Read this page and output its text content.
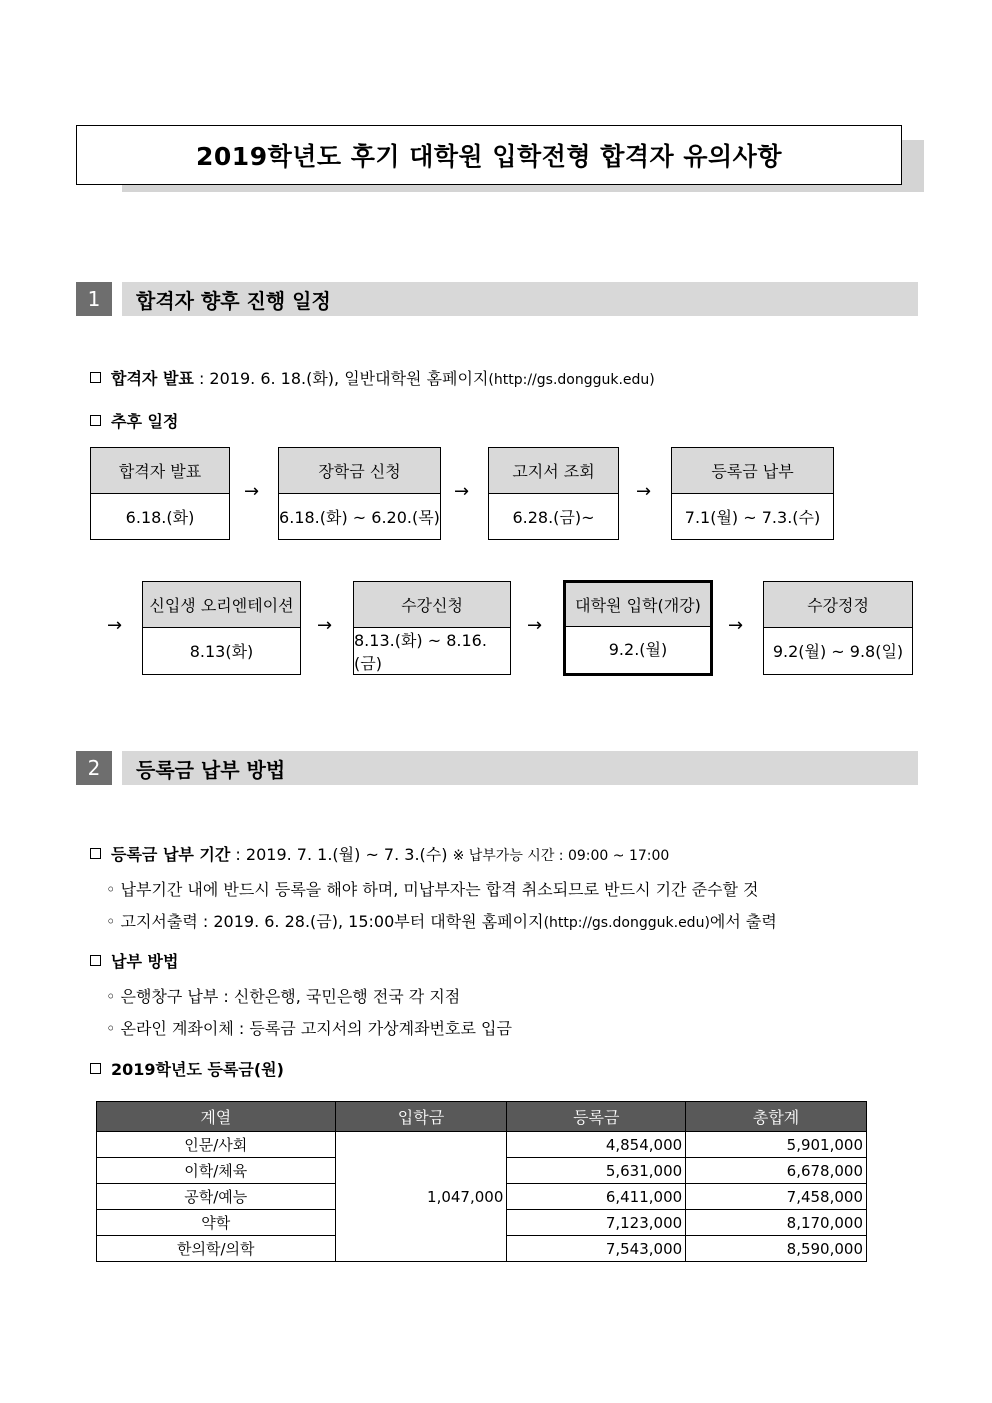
2019학년도 후기 대학원 입학전형 합격자 유의사항
1	합격자 향후 진행 일정
합격자 발표 : 2019. 6. 18.(화), 일반대학원 홈페이지(http://gs.dongguk.edu)
추후 일정
합격자 발표
6.18.(화)
→
장학금 신청
6.18.(화) ~ 6.20.(목)
→
고지서 조회
6.28.(금)~
→
등록금 납부
7.1(월) ~ 7.3.(수)
→
신입생 오리엔테이션
8.13(화)
→
수강신청
8.13.(화) ~ 8.16.(금)
→
대학원 입학(개강)
9.2.(월)
→
수강정정
9.2(월) ~ 9.8(일)
2	등록금 납부 방법
등록금 납부 기간 : 2019. 7. 1.(월) ~ 7. 3.(수) ※ 납부가능 시간 : 09:00 ~ 17:00
◦ 납부기간 내에 반드시 등록을 해야 하며, 미납부자는 합격 취소되므로 반드시 기간 준수할 것
◦ 고지서출력 : 2019. 6. 28.(금), 15:00부터 대학원 홈페이지(http://gs.dongguk.edu)에서 출력
납부 방법
◦ 은행창구 납부 : 신한은행, 국민은행 전국 각 지점
◦ 온라인 계좌이체 : 등록금 고지서의 가상계좌번호로 입금
2019학년도 등록금(원)
계열	입학금	등록금	총합계
인문/사회	1,047,000	4,854,000	5,901,000
이학/체육		5,631,000	6,678,000
공학/예능		6,411,000	7,458,000
약학		7,123,000	8,170,000
한의학/의학		7,543,000	8,590,000
